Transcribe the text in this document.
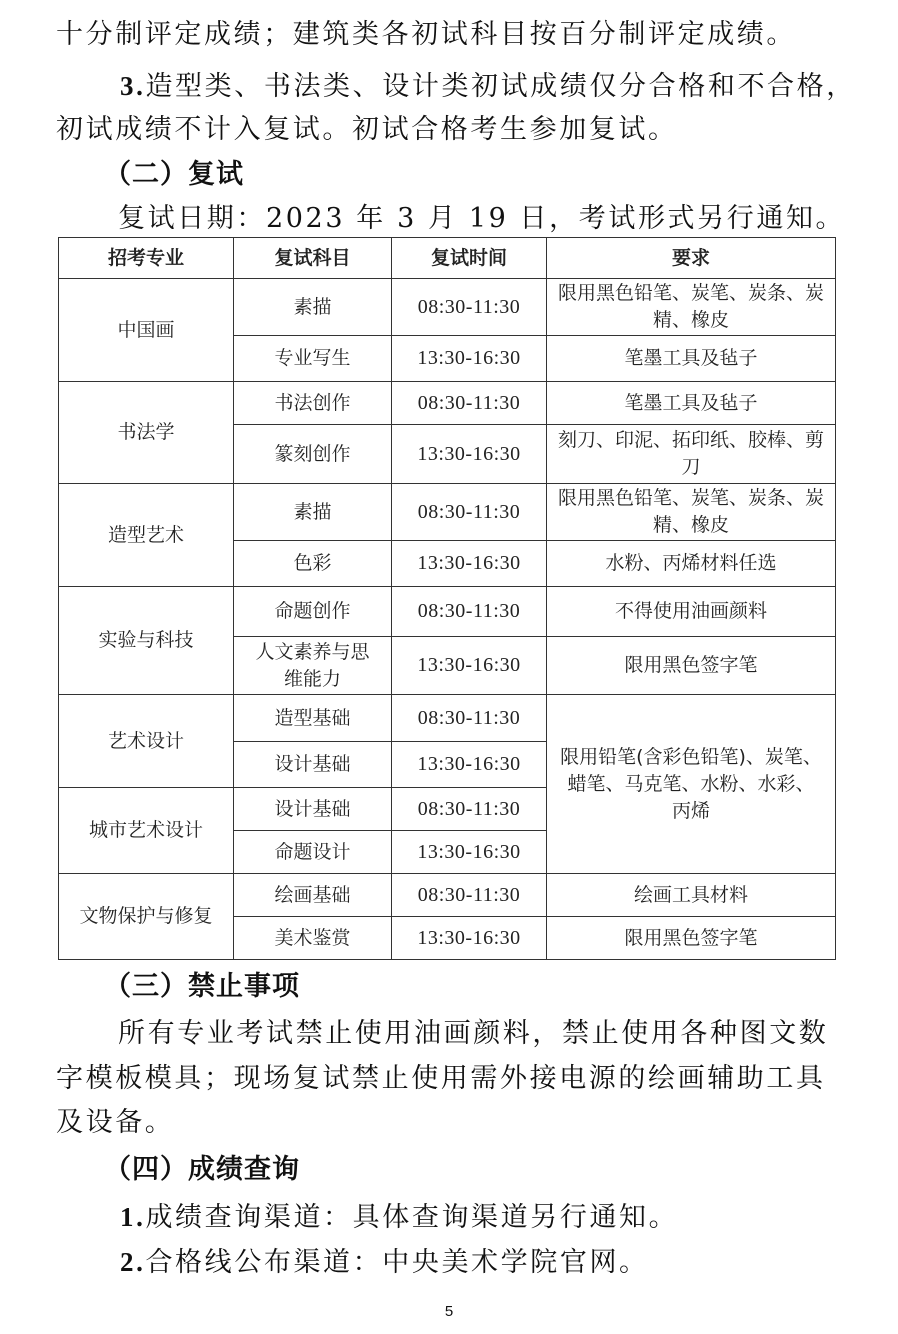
十分制评定成绩；建筑类各初试科目按百分制评定成绩。
3.造型类、书法类、设计类初试成绩仅分合格和不合格，
初试成绩不计入复试。初试合格考生参加复试。
（二）复试
复试日期：2023 年 3 月 19 日，考试形式另行通知。
招考专业	复试科目	复试时间	要求
中国画	素描	08:30-11:30	限用黑色铅笔、炭笔、炭条、炭精、橡皮
	专业写生	13:30-16:30	笔墨工具及毡子
书法学	书法创作	08:30-11:30	笔墨工具及毡子
	篆刻创作	13:30-16:30	刻刀、印泥、拓印纸、胶棒、剪刀
造型艺术	素描	08:30-11:30	限用黑色铅笔、炭笔、炭条、炭精、橡皮
	色彩	13:30-16:30	水粉、丙烯材料任选
实验与科技	命题创作	08:30-11:30	不得使用油画颜料
	人文素养与思维能力	13:30-16:30	限用黑色签字笔
艺术设计	造型基础	08:30-11:30	限用铅笔(含彩色铅笔)、炭笔、蜡笔、马克笔、水粉、水彩、丙烯
	设计基础	13:30-16:30	
城市艺术设计	设计基础	08:30-11:30	
	命题设计	13:30-16:30	
文物保护与修复	绘画基础	08:30-11:30	绘画工具材料
	美术鉴赏	13:30-16:30	限用黑色签字笔
（三）禁止事项
所有专业考试禁止使用油画颜料，禁止使用各种图文数
字模板模具；现场复试禁止使用需外接电源的绘画辅助工具
及设备。
（四）成绩查询
1.成绩查询渠道：具体查询渠道另行通知。
2.合格线公布渠道：中央美术学院官网。
5
